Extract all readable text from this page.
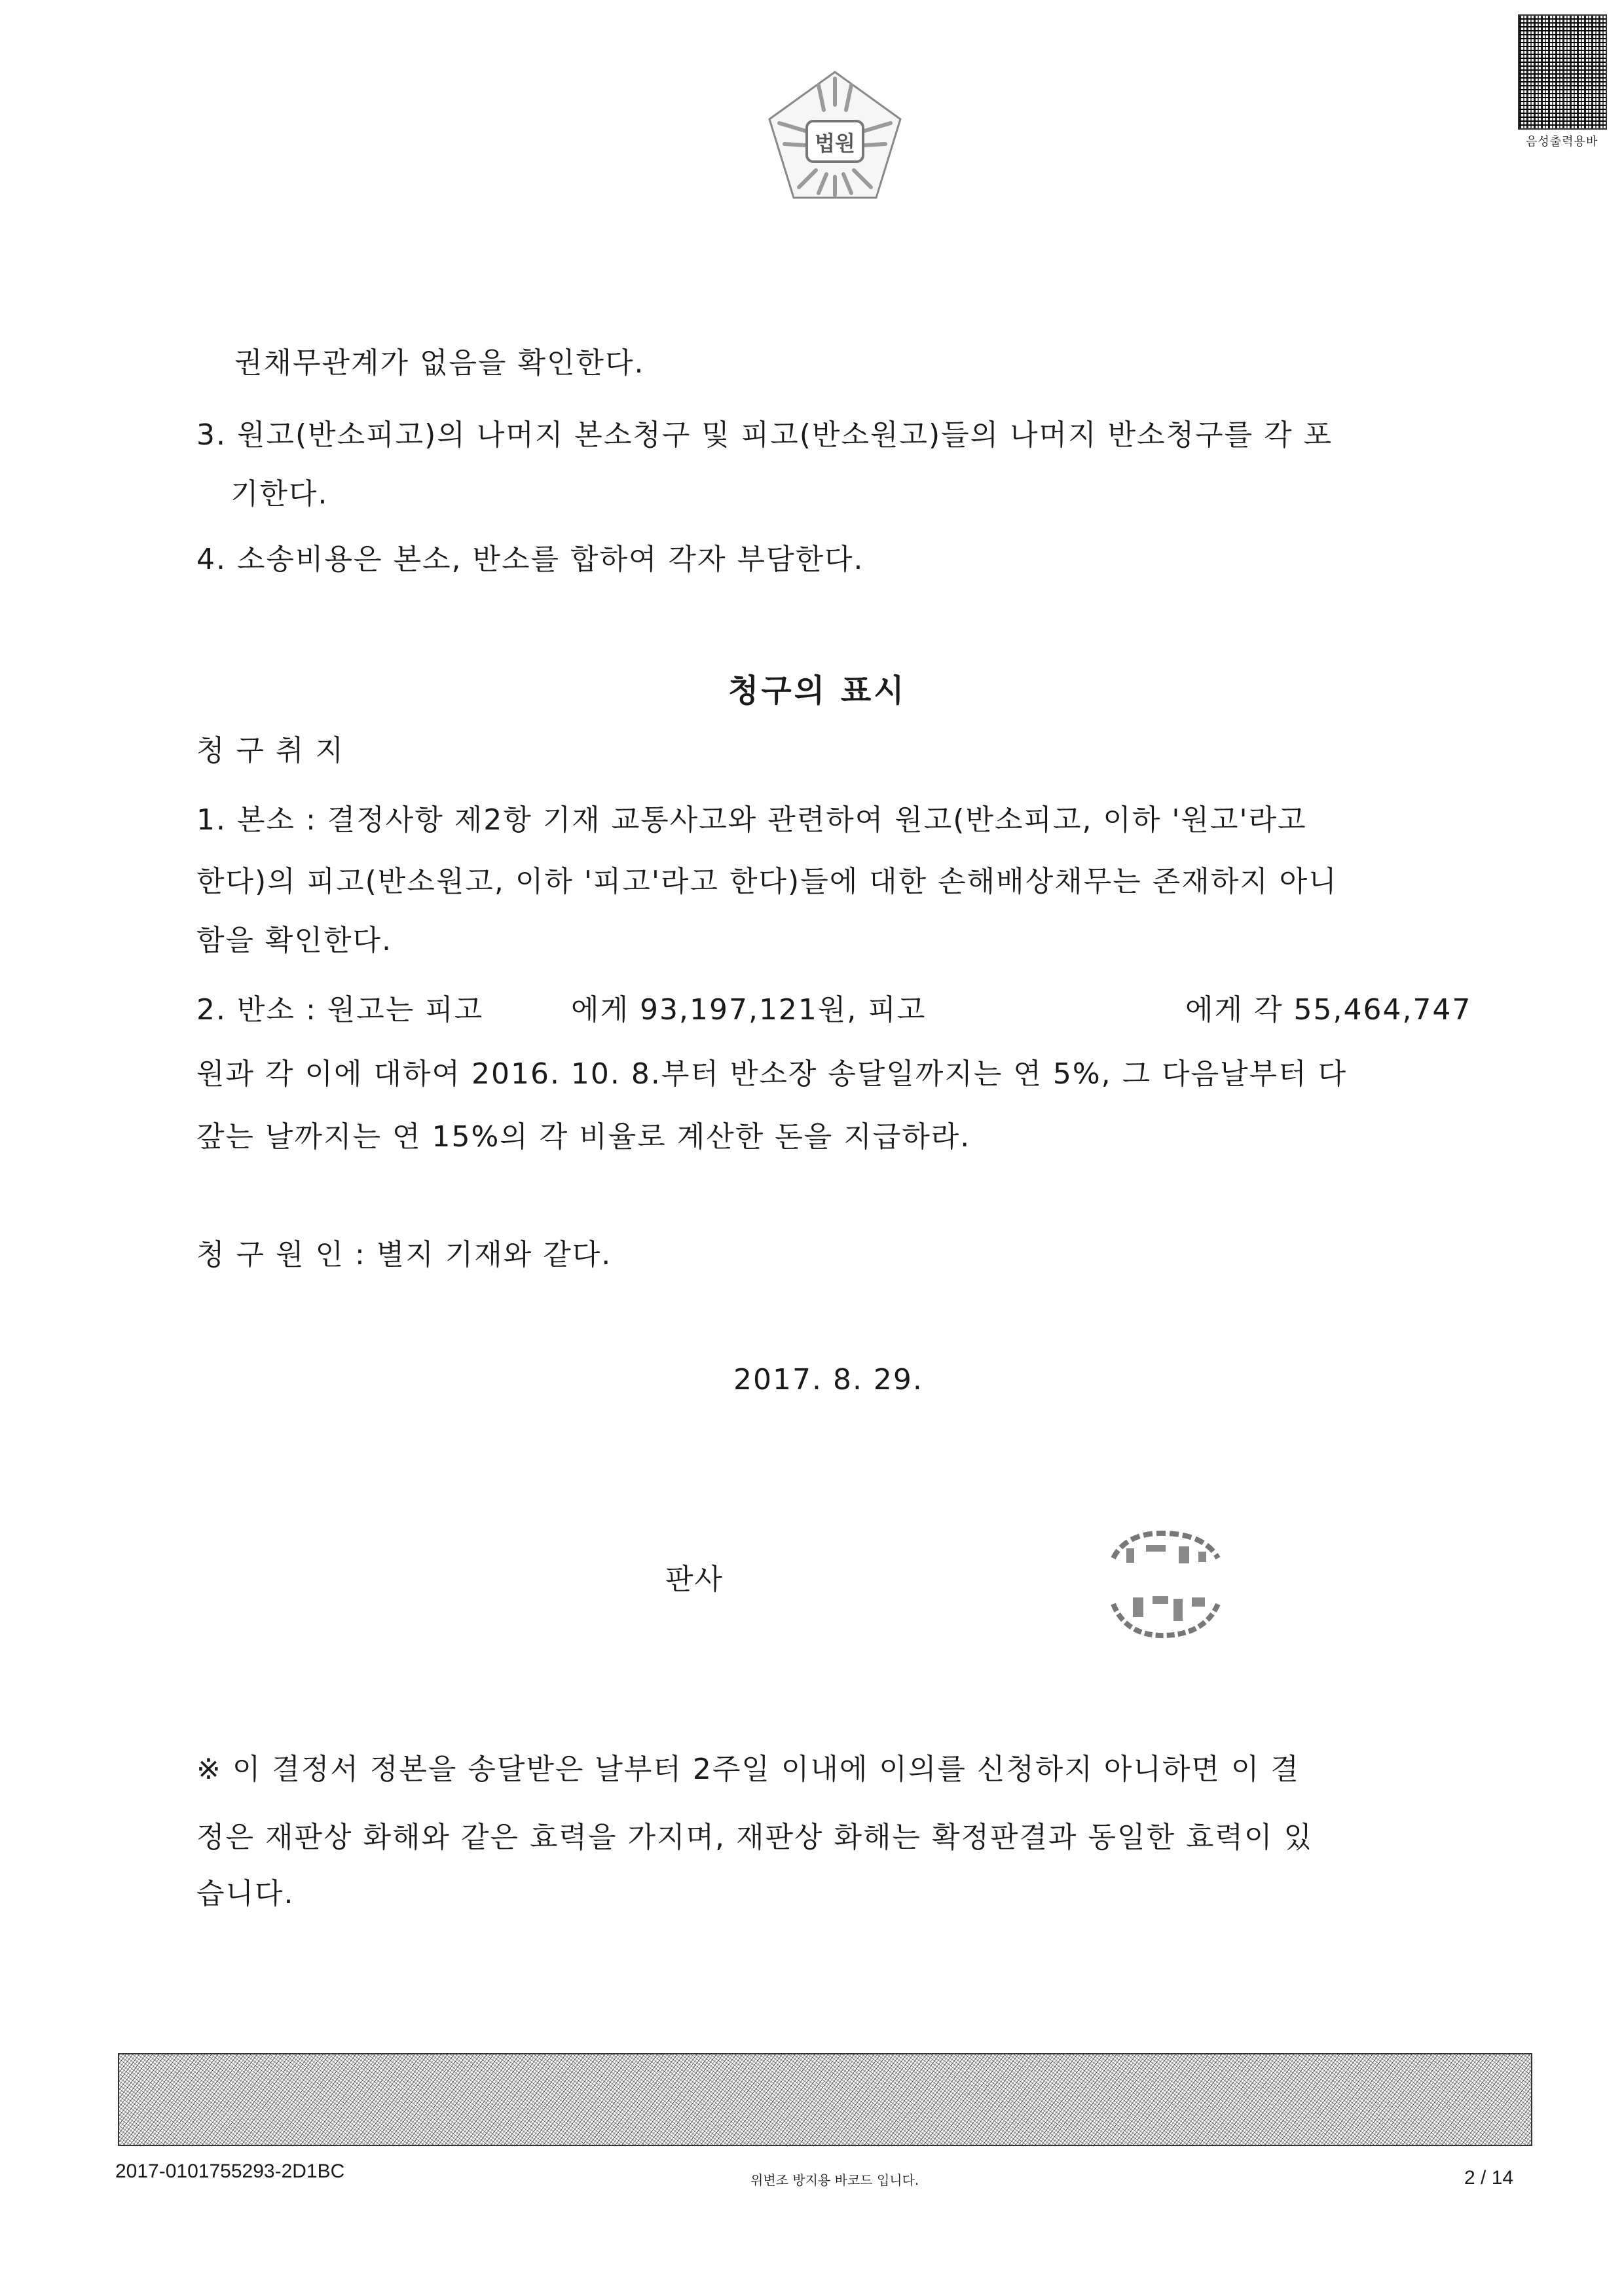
법원	음성출력용바
권채무관계가 없음을 확인한다.
3. 원고(반소피고)의 나머지 본소청구 및 피고(반소원고)들의 나머지 반소청구를 각 포
기한다.
4. 소송비용은 본소, 반소를 합하여 각자 부담한다.
청구의 표시
청 구 취 지
1. 본소 : 결정사항 제2항 기재 교통사고와 관련하여 원고(반소피고, 이하 '원고'라고
한다)의 피고(반소원고, 이하 '피고'라고 한다)들에 대한 손해배상채무는 존재하지 아니
함을 확인한다.
2. 반소 : 원고는 피고	에게 93,197,121원, 피고	에게 각 55,464,747
원과 각 이에 대하여 2016. 10. 8.부터 반소장 송달일까지는 연 5%, 그 다음날부터 다
갚는 날까지는 연 15%의 각 비율로 계산한 돈을 지급하라.
청 구 원 인 : 별지 기재와 같다.
2017. 8. 29.
판사
※ 이 결정서 정본을 송달받은 날부터 2주일 이내에 이의를 신청하지 아니하면 이 결
정은 재판상 화해와 같은 효력을 가지며, 재판상 화해는 확정판결과 동일한 효력이 있
습니다.
2017-0101755293-2D1BC	위변조 방지용 바코드 입니다.	2 / 14
